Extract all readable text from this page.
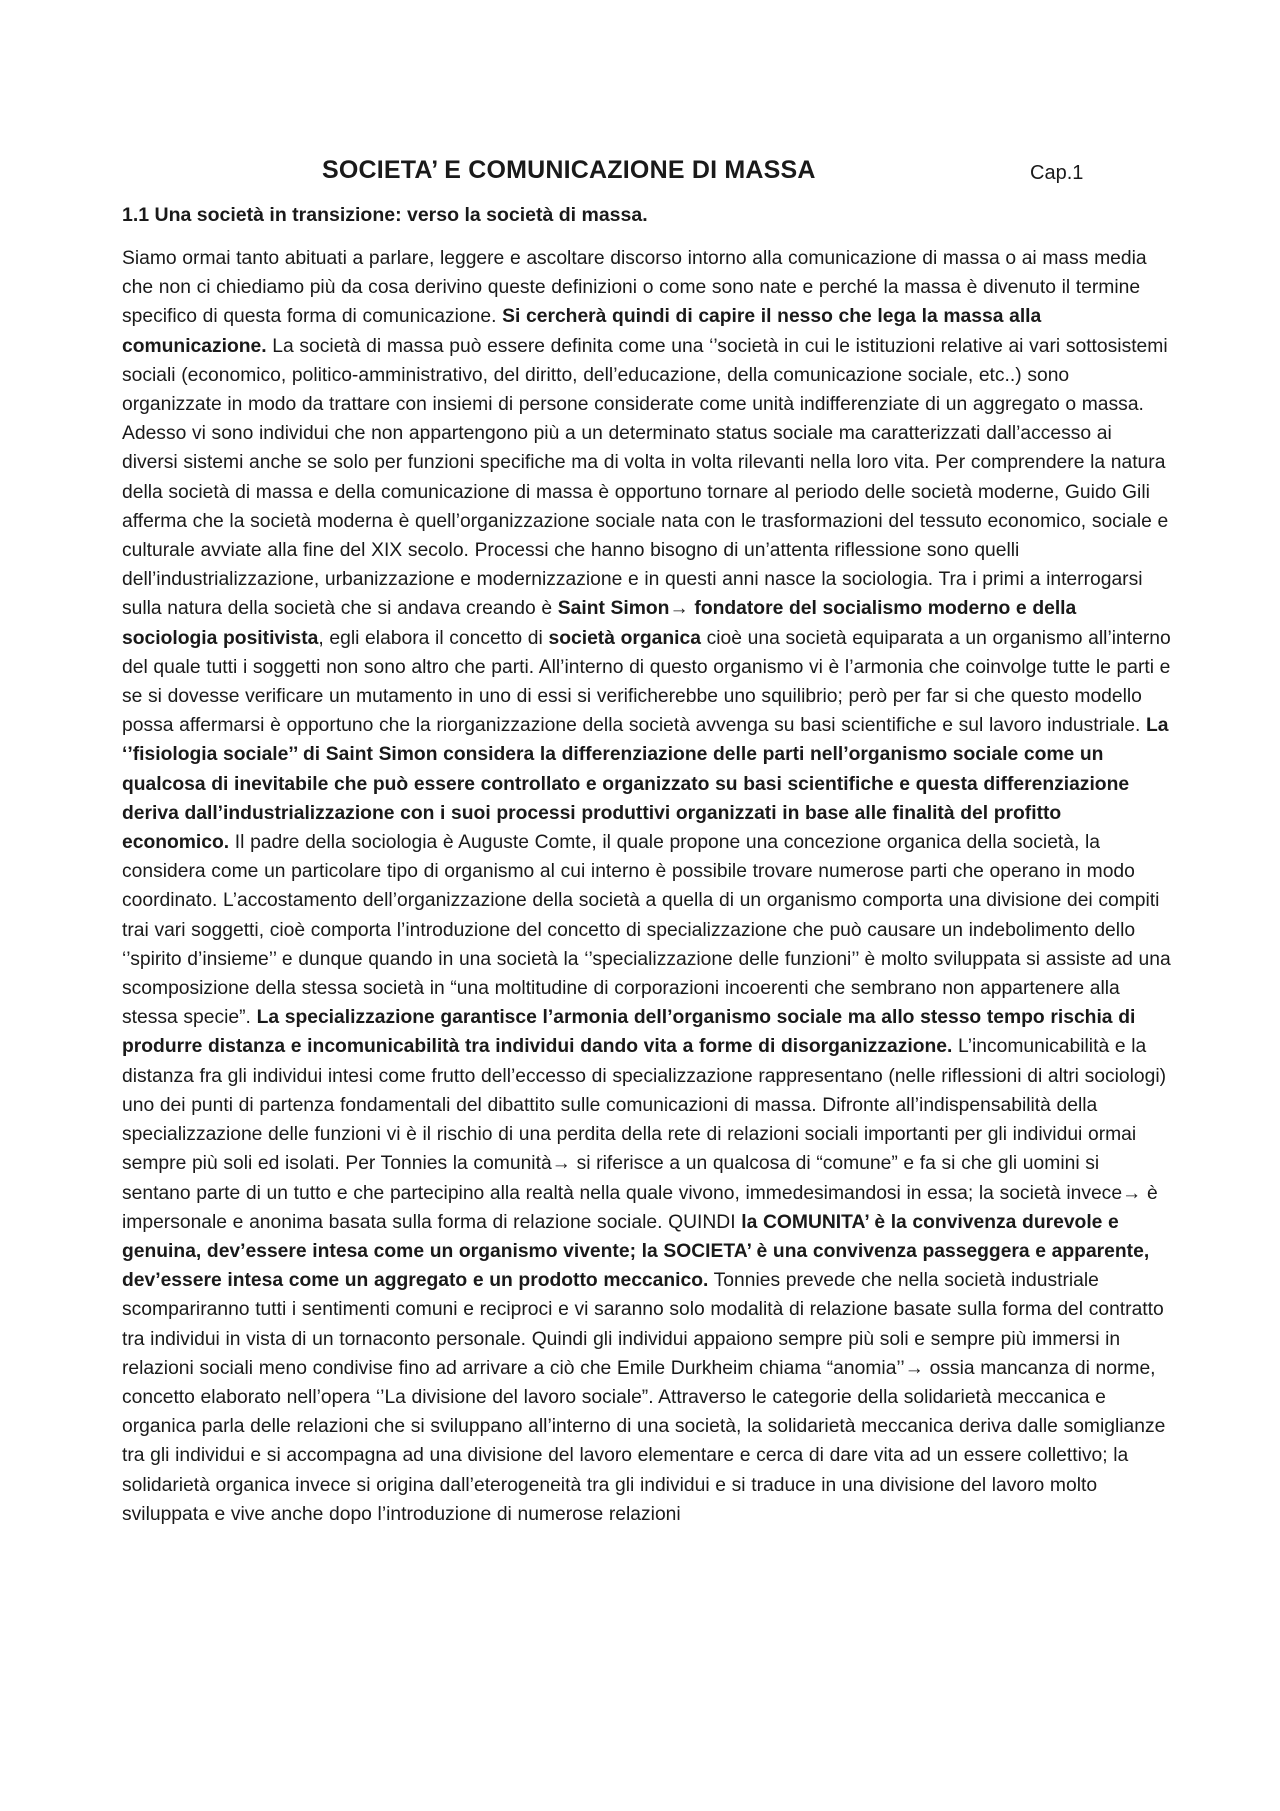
SOCIETA’ E COMUNICAZIONE DI MASSA	Cap.1
1.1 Una società in transizione: verso la società di massa.

Siamo ormai tanto abituati a parlare, leggere e ascoltare discorso intorno alla comunicazione di massa o ai mass media che non ci chiediamo più da cosa derivino queste definizioni o come sono nate e perché la massa è divenuto il termine specifico di questa forma di comunicazione. Si cercherà quindi di capire il nesso che lega la massa alla comunicazione. La società di massa può essere definita come una ‘’società in cui le istituzioni relative ai vari sottosistemi sociali (economico, politico-amministrativo, del diritto, dell’educazione, della comunicazione sociale, etc..) sono organizzate in modo da trattare con insiemi di persone considerate come unità indifferenziate di un aggregato o massa. Adesso vi sono individui che non appartengono più a un determinato status sociale ma caratterizzati dall’accesso ai diversi sistemi anche se solo per funzioni specifiche ma di volta in volta rilevanti nella loro vita. Per comprendere la natura della società di massa e della comunicazione di massa è opportuno tornare al periodo delle società moderne, Guido Gili afferma che la società moderna è quell’organizzazione sociale nata con le trasformazioni del tessuto economico, sociale e culturale avviate alla fine del XIX secolo. Processi che hanno bisogno di un’attenta riflessione sono quelli dell’industrializzazione, urbanizzazione e modernizzazione e in questi anni nasce la sociologia. Tra i primi a interrogarsi sulla natura della società che si andava creando è Saint Simon→ fondatore del socialismo moderno e della sociologia positivista, egli elabora il concetto di società organica cioè una società equiparata a un organismo all’interno del quale tutti i soggetti non sono altro che parti. All’interno di questo organismo vi è l’armonia che coinvolge tutte le parti e se si dovesse verificare un mutamento in uno di essi si verificherebbe uno squilibrio; però per far si che questo modello possa affermarsi è opportuno che la riorganizzazione della società avvenga su basi scientifiche e sul lavoro industriale. La ‘’fisiologia sociale’’ di Saint Simon considera la differenziazione delle parti nell’organismo sociale come un qualcosa di inevitabile che può essere controllato e organizzato su basi scientifiche e questa differenziazione deriva dall’industrializzazione con i suoi processi produttivi organizzati in base alle finalità del profitto economico. Il padre della sociologia è Auguste Comte, il quale propone una concezione organica della società, la considera come un particolare tipo di organismo al cui interno è possibile trovare numerose parti che operano in modo coordinato. L’accostamento dell’organizzazione della società a quella di un organismo comporta una divisione dei compiti trai vari soggetti, cioè comporta l’introduzione del concetto di specializzazione che può causare un indebolimento dello ‘’spirito d’insieme’’ e dunque quando in una società la ‘’specializzazione delle funzioni’’ è molto sviluppata si assiste ad una scomposizione della stessa società in “una moltitudine di corporazioni incoerenti che sembrano non appartenere alla stessa specie”. La specializzazione garantisce l’armonia dell’organismo sociale ma allo stesso tempo rischia di produrre distanza e incomunicabilità tra individui dando vita a forme di disorganizzazione. L’incomunicabilità e la distanza fra gli individui intesi come frutto dell’eccesso di specializzazione rappresentano (nelle riflessioni di altri sociologi) uno dei punti di partenza fondamentali del dibattito sulle comunicazioni di massa. Difronte all’indispensabilità della specializzazione delle funzioni vi è il rischio di una perdita della rete di relazioni sociali importanti per gli individui ormai sempre più soli ed isolati. Per Tonnies la comunità→ si riferisce a un qualcosa di “comune” e fa si che gli uomini si sentano parte di un tutto e che partecipino alla realtà nella quale vivono, immedesimandosi in essa; la società invece→ è impersonale e anonima basata sulla forma di relazione sociale. QUINDI la COMUNITA’ è la convivenza durevole e genuina, dev’essere intesa come un organismo vivente; la SOCIETA’ è una convivenza passeggera e apparente, dev’essere intesa come un aggregato e un prodotto meccanico. Tonnies prevede che nella società industriale scompariranno tutti i sentimenti comuni e reciproci e vi saranno solo modalità di relazione basate sulla forma del contratto tra individui in vista di un tornaconto personale. Quindi gli individui appaiono sempre più soli e sempre più immersi in relazioni sociali meno condivise fino ad arrivare a ciò che Emile Durkheim chiama “anomia’’→ ossia mancanza di norme, concetto elaborato nell’opera ‘’La divisione del lavoro sociale”. Attraverso le categorie della solidarietà meccanica e organica parla delle relazioni che si sviluppano all’interno di una società, la solidarietà meccanica deriva dalle somiglianze tra gli individui e si accompagna ad una divisione del lavoro elementare e cerca di dare vita ad un essere collettivo; la solidarietà organica invece si origina dall’eterogeneità tra gli individui e si traduce in una divisione del lavoro molto sviluppata e vive anche dopo l’introduzione di numerose relazioni
